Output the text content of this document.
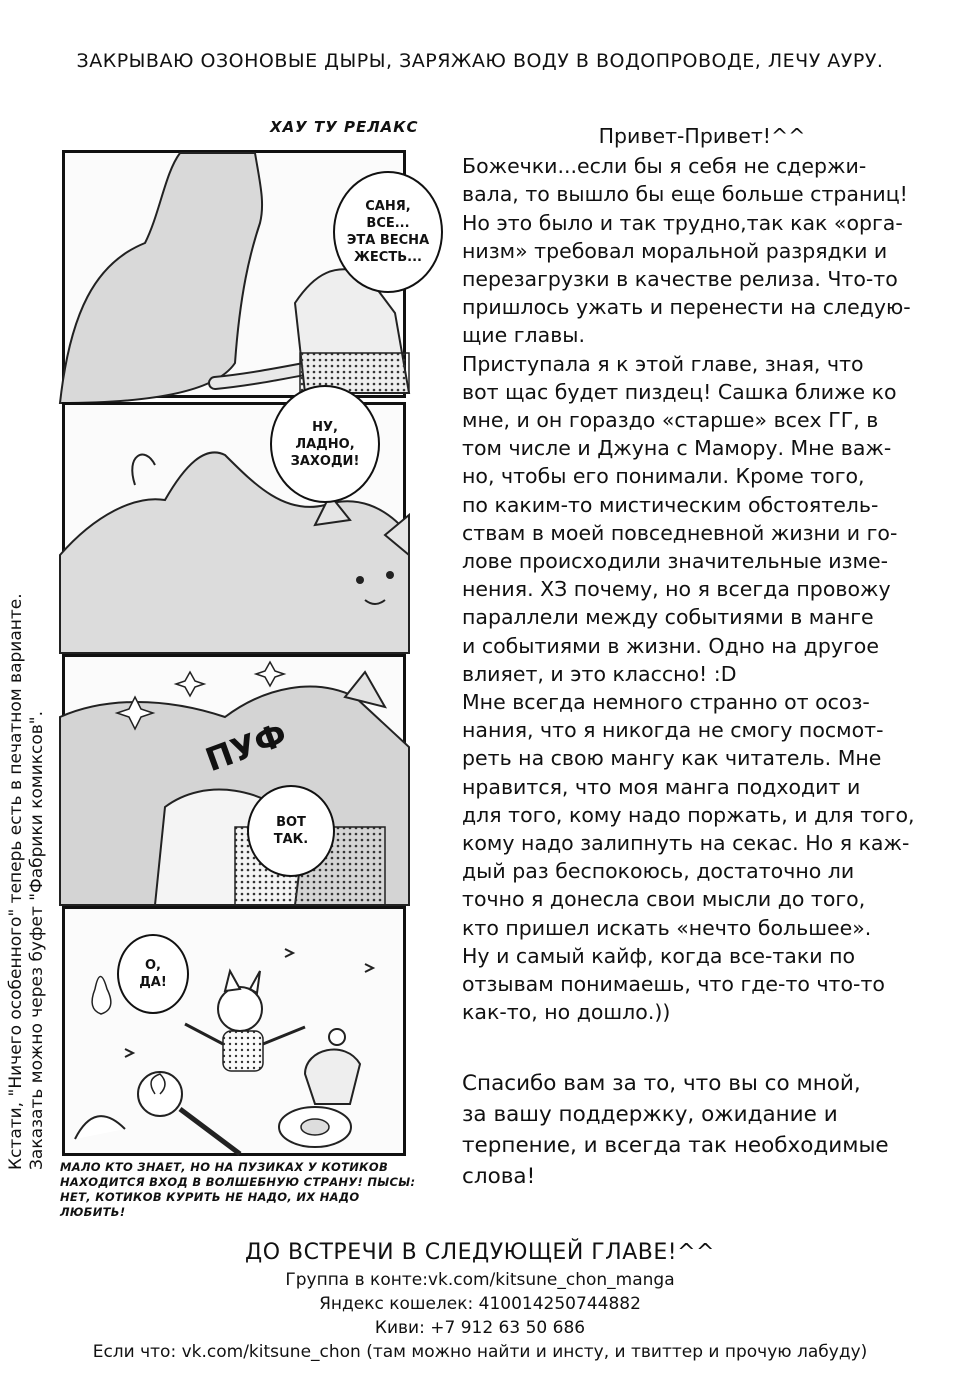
ЗАКРЫВАЮ ОЗОНОВЫЕ ДЫРЫ, ЗАРЯЖАЮ ВОДУ В ВОДОПРОВОДЕ, ЛЕЧУ АУРУ.
ХАУ ТУ РЕЛАКС
Кстати, "Ничего особенного" теперь есть в печатном варианте. Заказать можно через буфет "Фабрики комиксов".
САНЯ,
ВСЕ...
ЭТА ВЕСНА
ЖЕСТЬ...
НУ,
ЛАДНО,
ЗАХОДИ!
ПУФ
ВОТ
ТАК.
О,
ДА!
МАЛО КТО ЗНАЕТ, НО НА ПУЗИКАХ У КОТИКОВ НАХОДИТСЯ ВХОД В ВОЛШЕБНУЮ СТРАНУ! ПЫСЫ: НЕТ, КОТИКОВ КУРИТЬ НЕ НАДО, ИХ НАДО ЛЮБИТЬ!
Привет-Привет!^^

Божечки...если бы я себя не сдержи-
вала, то вышло бы еще больше страниц!
Но это было и так трудно,так как «орга-
низм» требовал моральной разрядки и
перезагрузки в качестве релиза. Что-то
пришлось ужать и перенести на следую-
щие главы.

Приступала я к этой главе, зная, что
вот щас будет пиздец! Сашка ближе ко
мне, и он гораздо «старше» всех ГГ, в
том числе и Джуна с Мамору. Мне важ-
но, чтобы его понимали. Кроме того,
по каким-то мистическим обстоятель-
ствам в моей повседневной жизни и го-
лове происходили значительные изме-
нения. ХЗ почему, но я всегда провожу
параллели между событиями в манге
и событиями в жизни. Одно на другое
влияет, и это классно! :D

Мне всегда немного странно от осоз-
нания, что я никогда не смогу посмот-
реть на свою мангу как читатель. Мне
нравится, что моя манга подходит и
для того, кому надо поржать, и для того,
кому надо залипнуть на секас. Но я каж-
дый раз беспокоюсь, достаточно ли
точно я донесла свои мысли до того,
кто пришел искать «нечто большее».
Ну и самый кайф, когда все-таки по
отзывам понимаешь, что где-то что-то
как-то, но дошло.))

Спасибо вам за то, что вы со мной,
за вашу поддержку, ожидание и
терпение, и всегда так необходимые
слова!
ДО ВСТРЕЧИ В СЛЕДУЮЩЕЙ ГЛАВЕ!^^
Группа в конте:vk.com/kitsune_chon_manga
Яндекс кошелек: 410014250744882
Киви: +7 912 63 50 686
Если что: vk.com/kitsune_chon (там можно найти и инсту, и твиттер и прочую лабуду)
